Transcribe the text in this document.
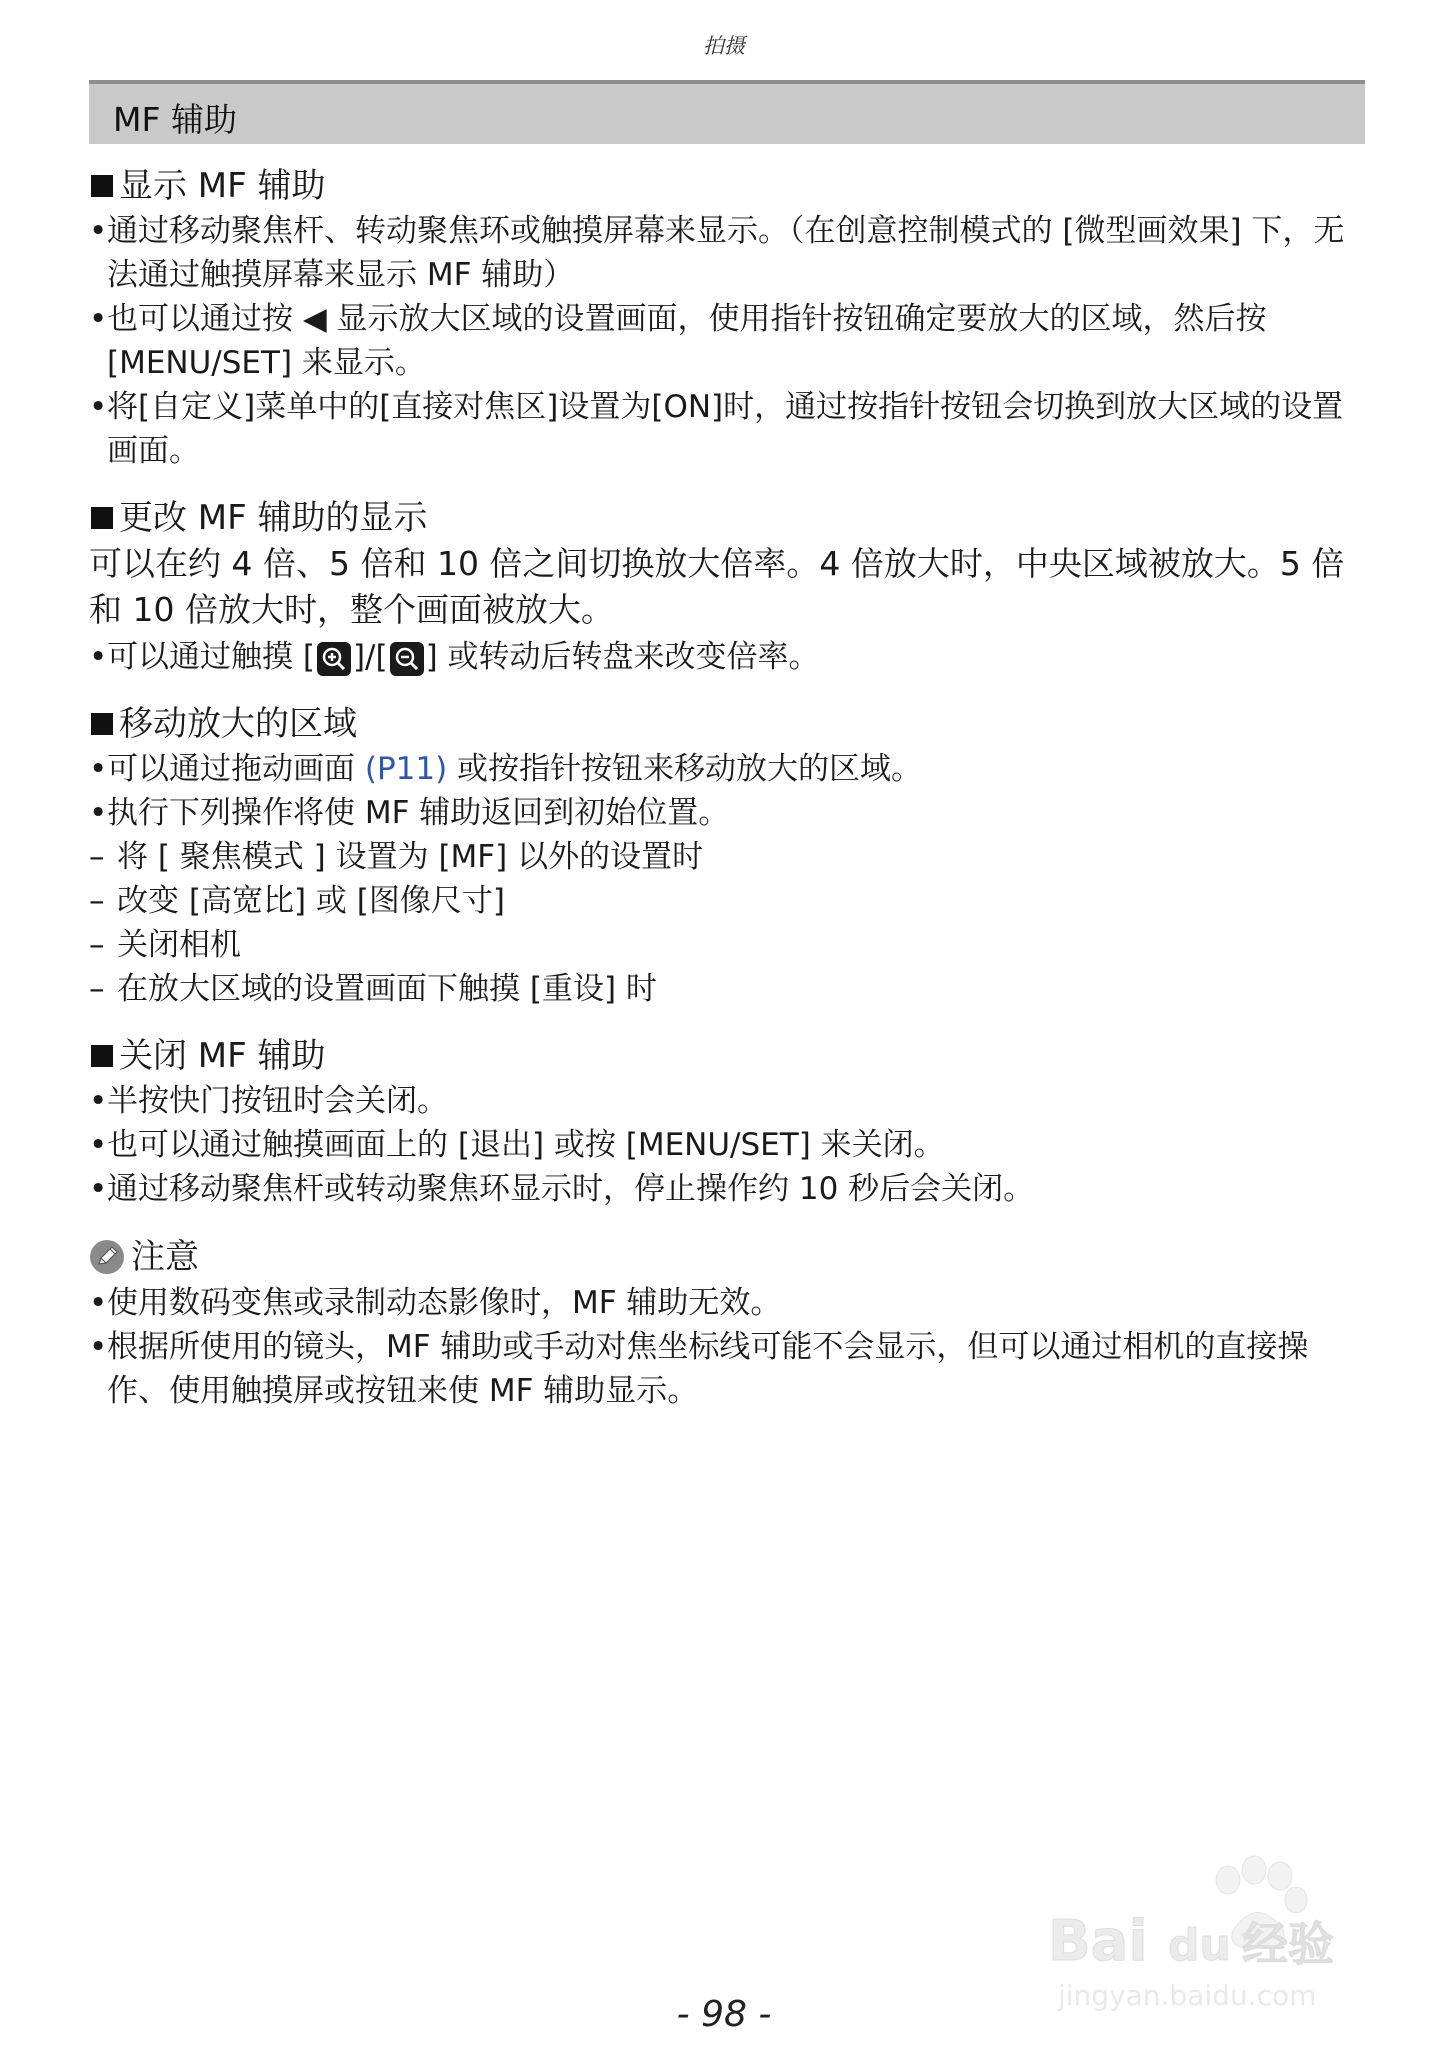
拍摄
MF 辅助
显示 MF 辅助
•通过移动聚焦杆、转动聚焦环或触摸屏幕来显示。（在创意控制模式的 [微型画效果] 下，无法通过触摸屏幕来显示 MF 辅助）
•也可以通过按 ◀ 显示放大区域的设置画面，使用指针按钮确定要放大的区域，然后按 [MENU/SET] 来显示。
•将[自定义]菜单中的[直接对焦区]设置为[ON]时，通过按指针按钮会切换到放大区域的设置画面。
更改 MF 辅助的显示
可以在约 4 倍、5 倍和 10 倍之间切换放大倍率。4 倍放大时，中央区域被放大。5 倍和 10 倍放大时，整个画面被放大。
•可以通过触摸 [ ]/[ ] 或转动后转盘来改变倍率。
移动放大的区域
•可以通过拖动画面 (P11) 或按指针按钮来移动放大的区域。
•执行下列操作将使 MF 辅助返回到初始位置。
– 将 [ 聚焦模式 ] 设置为 [MF] 以外的设置时
– 改变 [高宽比] 或 [图像尺寸]
– 关闭相机
– 在放大区域的设置画面下触摸 [重设] 时
关闭 MF 辅助
•半按快门按钮时会关闭。
•也可以通过触摸画面上的 [退出] 或按 [MENU/SET] 来关闭。
•通过移动聚焦杆或转动聚焦环显示时，停止操作约 10 秒后会关闭。
注意
•使用数码变焦或录制动态影像时，MF 辅助无效。
•根据所使用的镜头，MF 辅助或手动对焦坐标线可能不会显示，但可以通过相机的直接操作、使用触摸屏或按钮来使 MF 辅助显示。
Bai du 经验
jingyan.baidu.com
- 98 -
